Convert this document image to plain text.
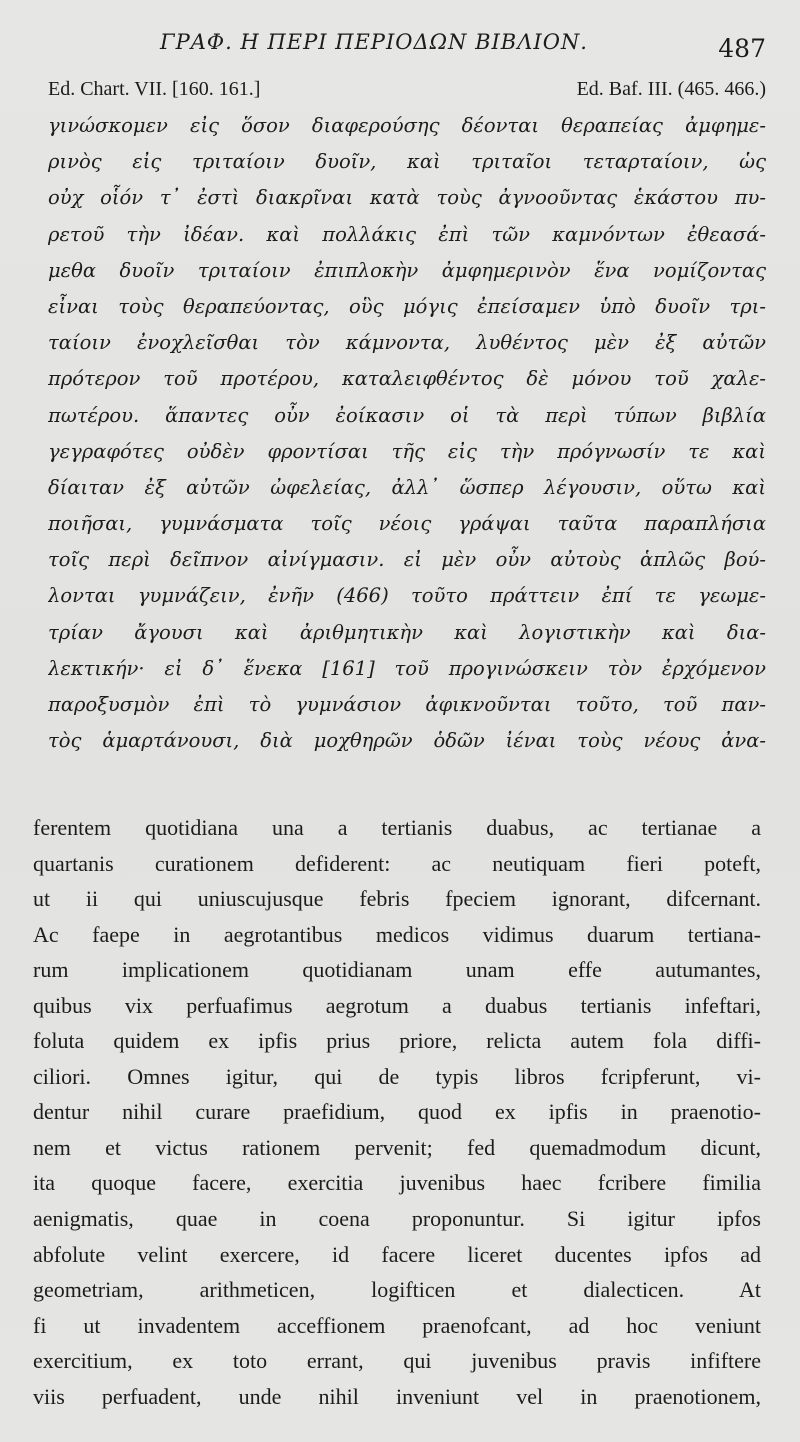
ΓΡΑΦ. Η ΠΕΡΙ ΠΕΡΙΟΔΩΝ ΒΙΒΛΙΟΝ.	487
Ed. Chart. VII. [160. 161.]	Ed. Baf. III. (465. 466.)
γινώσκομεν εἰς ὅσον διαφερούσης δέονται θεραπείας ἀμφημε-
ρινὸς εἰς τριταίοιν δυοῖν, καὶ τριταῖοι τεταρταίοιν, ὡς
οὐχ οἷόν τ᾽ ἐστὶ διακρῖναι κατὰ τοὺς ἀγνοοῦντας ἑκάστου πυ-
ρετοῦ τὴν ἰδέαν. καὶ πολλάκις ἐπὶ τῶν καμνόντων ἐθεασά-
μεθα δυοῖν τριταίοιν ἐπιπλοκὴν ἀμφημερινὸν ἕνα νομίζοντας
εἶναι τοὺς θεραπεύοντας, οὓς μόγις ἐπείσαμεν ὑπὸ δυοῖν τρι-
ταίοιν ἐνοχλεῖσθαι τὸν κάμνοντα, λυθέντος μὲν ἐξ αὐτῶν
πρότερον τοῦ προτέρου, καταλειφθέντος δὲ μόνου τοῦ χαλε-
πωτέρου. ἅπαντες οὖν ἐοίκασιν οἱ τὰ περὶ τύπων βιβλία
γεγραφότες οὐδὲν φροντίσαι τῆς εἰς τὴν πρόγνωσίν τε καὶ
δίαιταν ἐξ αὐτῶν ὠφελείας, ἀλλ᾽ ὥσπερ λέγουσιν, οὕτω καὶ
ποιῆσαι, γυμνάσματα τοῖς νέοις γράψαι ταῦτα παραπλήσια
τοῖς περὶ δεῖπνον αἰνίγμασιν. εἰ μὲν οὖν αὐτοὺς ἁπλῶς βού-
λονται γυμνάζειν, ἐνῆν (466) τοῦτο πράττειν ἐπί τε γεωμε-
τρίαν ἄγουσι καὶ ἀριθμητικὴν καὶ λογιστικὴν καὶ δια-
λεκτικήν· εἰ δ᾽ ἕνεκα [161] τοῦ προγινώσκειν τὸν ἐρχόμενον
παροξυσμὸν ἐπὶ τὸ γυμνάσιον ἀφικνοῦνται τοῦτο, τοῦ παν-
τὸς ἁμαρτάνουσι, διὰ μοχθηρῶν ὁδῶν ἰέναι τοὺς νέους ἀνα-
ferentem quotidiana una a tertianis duabus, ac tertianae a
quartanis curationem defiderent: ac neutiquam fieri poteft,
ut ii qui uniuscujusque febris fpeciem ignorant, difcernant.
Ac faepe in aegrotantibus medicos vidimus duarum tertiana-
rum implicationem quotidianam unam effe autumantes,
quibus vix perfuafimus aegrotum a duabus tertianis infeftari,
foluta quidem ex ipfis prius priore, relicta autem fola diffi-
ciliori. Omnes igitur, qui de typis libros fcripferunt, vi-
dentur nihil curare praefidium, quod ex ipfis in praenotio-
nem et victus rationem pervenit; fed quemadmodum dicunt,
ita quoque facere, exercitia juvenibus haec fcribere fimilia
aenigmatis, quae in coena proponuntur. Si igitur ipfos
abfolute velint exercere, id facere liceret ducentes ipfos ad
geometriam, arithmeticen, logifticen et dialecticen. At
fi ut invadentem acceffionem praenofcant, ad hoc veniunt
exercitium, ex toto errant, qui juvenibus pravis infiftere
viis perfuadent, unde nihil inveniunt vel in praenotionem,
